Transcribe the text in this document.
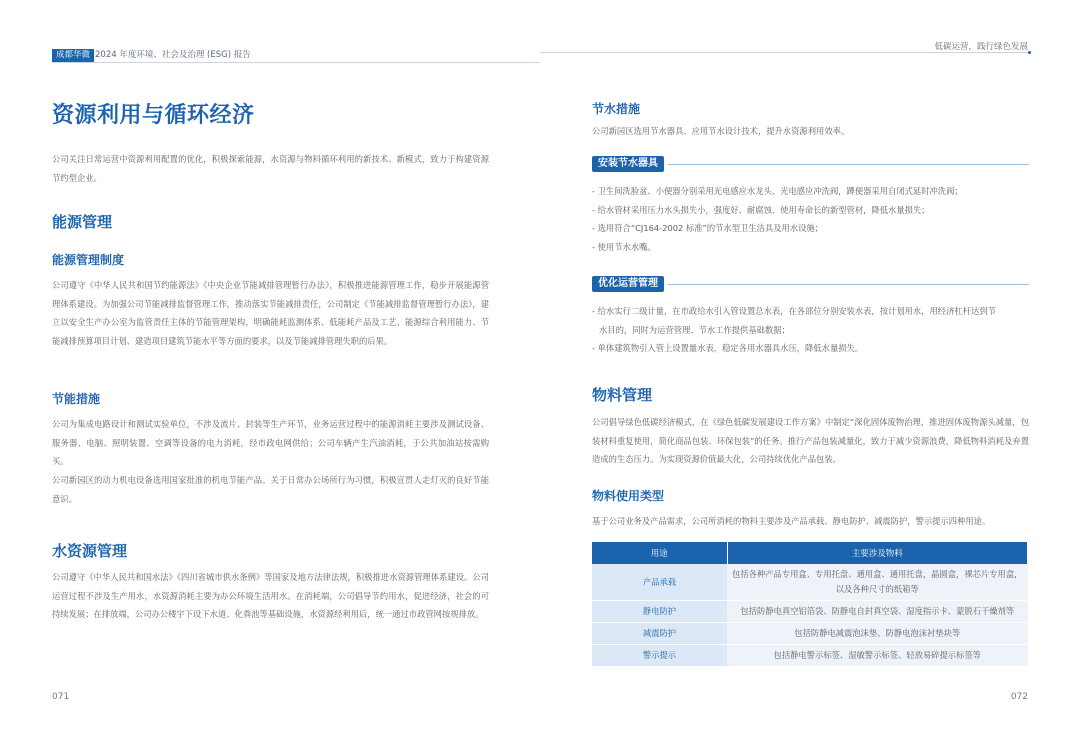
成都华微 2024 年度环境、社会及治理 (ESG) 报告
资源利用与循环经济

公司关注日常运营中资源利用配置的优化，积极探索能源，水资源与物料循环利用的新技术、新模式，致力于构建资源节约型企业。

能源管理
能源管理制度

公司遵守《中华人民共和国节约能源法》《中央企业节能减排管理暂行办法》，积极推进能源管理工作，稳步开展能源管理体系建设。为加强公司节能减排监督管理工作，推动落实节能减排责任，公司制定《节能减排监督管理暂行办法》，建立以安全生产办公室为监管责任主体的节能管理架构，明确能耗监测体系、低能耗产品及工艺、能源综合利用能力、节能减排预算项目计划、建造项目建筑节能水平等方面的要求，以及节能减排管理失职的后果。

节能措施

公司为集成电路设计和测试实验单位，不涉及流片、封装等生产环节，业务运营过程中的能源消耗主要涉及测试设备、服务器、电脑、照明装置、空调等设备的电力消耗，经市政电网供给；公司车辆产生汽油消耗，于公共加油站按需购买。

公司新园区的动力机电设备选用国家批准的机电节能产品。关于日常办公场所行为习惯，积极宣贯人走灯灭的良好节能意识。

水资源管理

公司遵守《中华人民共和国水法》《四川省城市供水条例》等国家及地方法律法规，积极推进水资源管理体系建设。公司运营过程不涉及生产用水，水资源消耗主要为办公环境生活用水。在消耗端，公司倡导节约用水，促进经济，社会的可持续发展；在排放端，公司办公楼宇下设下水道、化粪池等基础设施，水资源经利用后，统一通过市政管网按规排放。

071
低碳运营，践行绿色发展
节水措施

公司新园区选用节水器具、应用节水设计技术，提升水资源利用效率。

安装节水器具
- 卫生间洗脸盆、小便器分别采用光电感应水龙头、光电感应冲洗阀，蹲便器采用自闭式延时冲洗阀；
- 给水管材采用压力水头损失小，强度好、耐腐蚀、使用寿命长的新型管材，降低水量损失；
- 选用符合“CJ164-2002 标准”的节水型卫生洁具及用水设施；
- 使用节水水嘴。
优化运营管理
- 给水实行二级计量，在市政给水引入管设置总水表，在各部位分别安装水表，按计划用水，用经济杠杆达到节
水目的，同时为运营管理、节水工作提供基础数据；
- 单体建筑物引入管上设置量水表，稳定各用水器具水压，降低水量损失。
物料管理

公司倡导绿色低碳经济模式，在《绿色低碳发展建设工作方案》中制定“深化固体废物治理，推进固体废物源头减量，包装材料重复使用，简化商品包装、环保包装”的任务。推行产品包装减量化，致力于减少资源浪费，降低物料消耗及弃置造成的生态压力。为实现资源价值最大化，公司持续优化产品包装。

物料使用类型

基于公司业务及产品需求，公司所消耗的物料主要涉及产品承载、静电防护、减震防护，警示提示四种用途。

072
用途	主要涉及物料
产品承载	包括各种产品专用盒、专用托盘、通用盒、通用托盘，晶圆盒，裸芯片专用盒，以及各种尺寸的纸箱等
静电防护	包括防静电真空铝箔袋、防静电自封真空袋、湿度指示卡、蒙脱石干燥剂等
减震防护	包括防静电减震泡沫垫、防静电泡沫衬垫块等
警示提示	包括静电警示标签、湿敏警示标签、轻放易碎提示标签等
